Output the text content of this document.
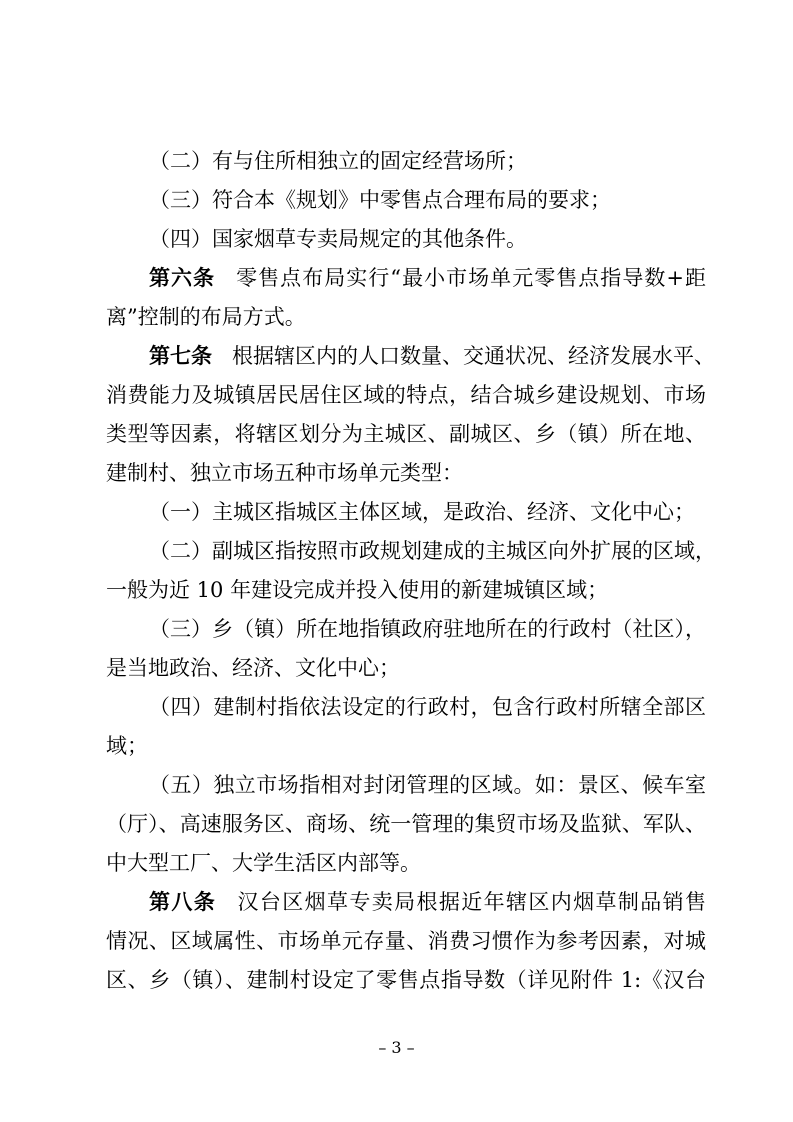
（二）有与住所相独立的固定经营场所；
（三）符合本《规划》中零售点合理布局的要求；
（四）国家烟草专卖局规定的其他条件。
第六条 零售点布局实行“最小市场单元零售点指导数+距
离”控制的布局方式。
第七条 根据辖区内的人口数量、交通状况、经济发展水平、
消费能力及城镇居民居住区域的特点，结合城乡建设规划、市场
类型等因素，将辖区划分为主城区、副城区、乡（镇）所在地、
建制村、独立市场五种市场单元类型：
（一）主城区指城区主体区域，是政治、经济、文化中心；
（二）副城区指按照市政规划建成的主城区向外扩展的区域，
一般为近 10 年建设完成并投入使用的新建城镇区域；
（三）乡（镇）所在地指镇政府驻地所在的行政村（社区），
是当地政治、经济、文化中心；
（四）建制村指依法设定的行政村，包含行政村所辖全部区
域；
（五）独立市场指相对封闭管理的区域。如：景区、候车室
（厅）、高速服务区、商场、统一管理的集贸市场及监狱、军队、
中大型工厂、大学生活区内部等。
第八条 汉台区烟草专卖局根据近年辖区内烟草制品销售
情况、区域属性、市场单元存量、消费习惯作为参考因素，对城
区、乡（镇）、建制村设定了零售点指导数（详见附件 1:《汉台
– 3 –
